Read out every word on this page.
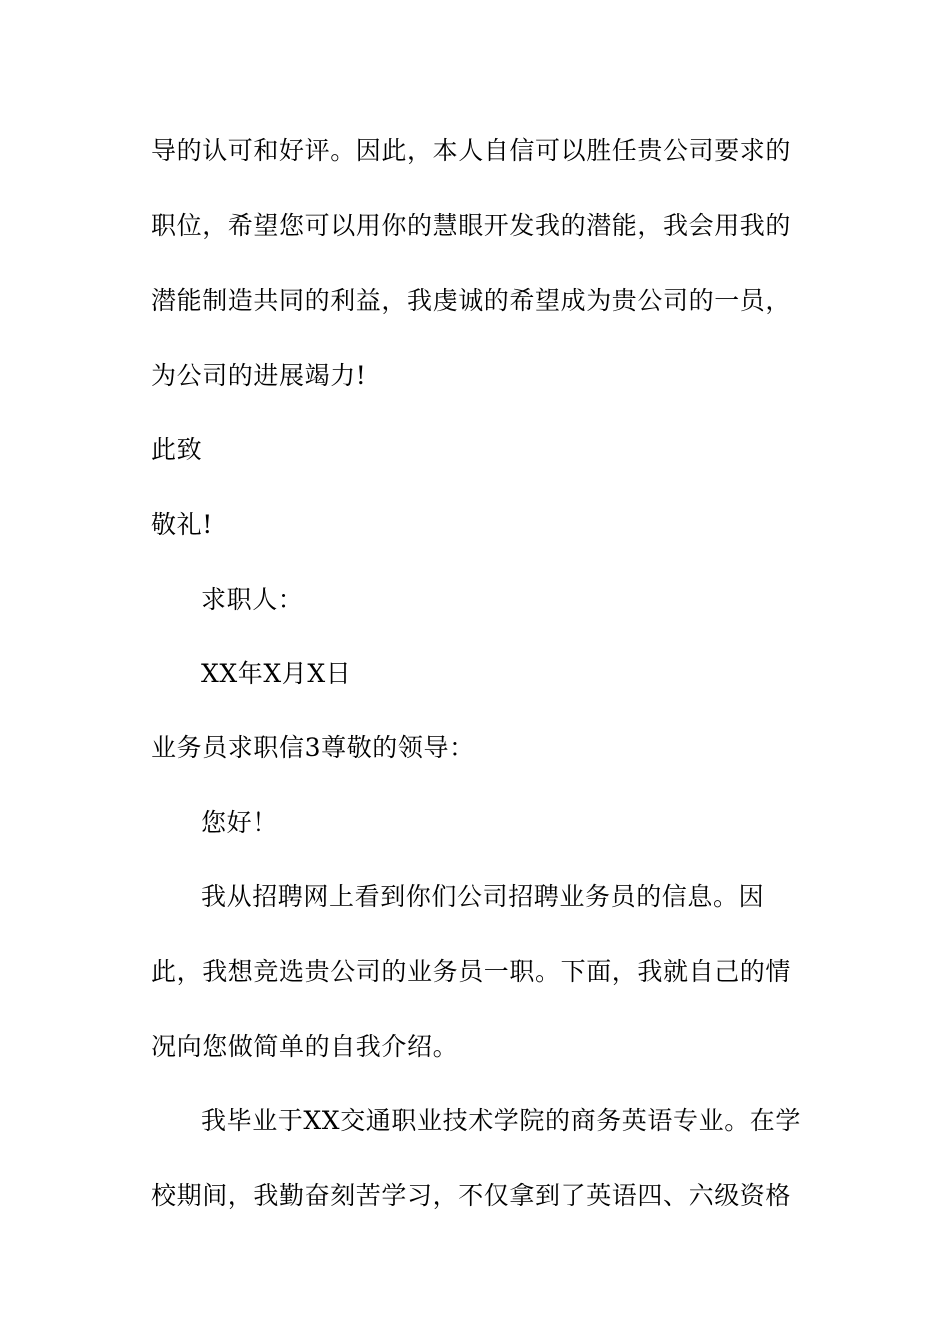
导的认可和好评。因此，本人自信可以胜任贵公司要求的
职位，希望您可以用你的慧眼开发我的潜能，我会用我的
潜能制造共同的利益，我虔诚的希望成为贵公司的一员，
为公司的进展竭力!
此致
敬礼!
求职人：
XX年X月X日
业务员求职信3尊敬的领导：
您好！
我从招聘网上看到你们公司招聘业务员的信息。因
此，我想竞选贵公司的业务员一职。下面，我就自己的情
况向您做简单的自我介绍。
我毕业于XX交通职业技术学院的商务英语专业。在学
校期间，我勤奋刻苦学习，不仅拿到了英语四、六级资格
